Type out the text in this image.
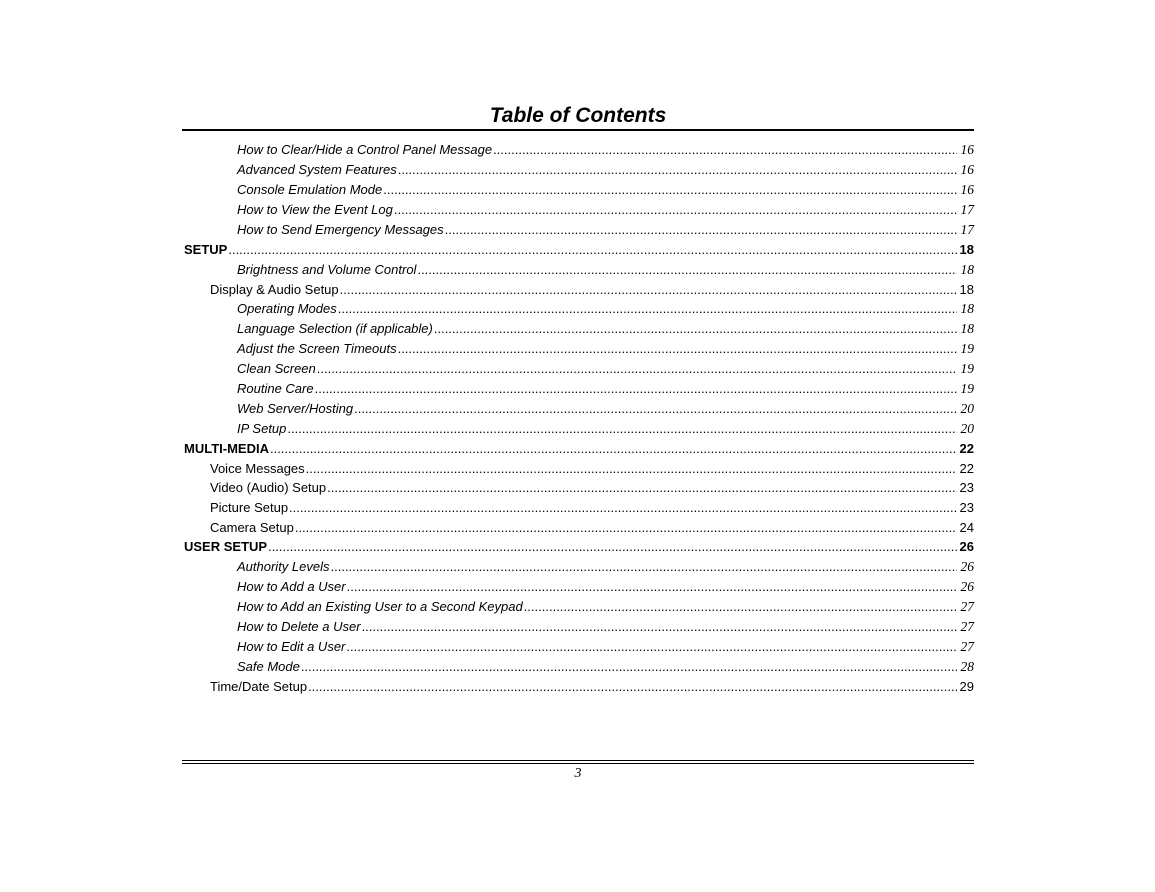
Table of Contents
How to Clear/Hide a Control Panel Message .....	16
Advanced System Features .....	16
Console Emulation Mode .....	16
How to View the Event Log .....	17
How to Send Emergency Messages .....	17
SETUP .....	18
Brightness and Volume Control .....	18
Display & Audio Setup .....	18
Operating Modes .....	18
Language Selection (if applicable) .....	18
Adjust the Screen Timeouts .....	19
Clean Screen .....	19
Routine Care .....	19
Web Server/Hosting .....	20
IP Setup .....	20
MULTI-MEDIA .....	22
Voice Messages .....	22
Video (Audio) Setup .....	23
Picture Setup .....	23
Camera Setup .....	24
USER SETUP .....	26
Authority Levels .....	26
How to Add a User .....	26
How to Add an Existing User to a Second Keypad .....	27
How to Delete a User .....	27
How to Edit a User .....	27
Safe Mode .....	28
Time/Date Setup .....	29
3
